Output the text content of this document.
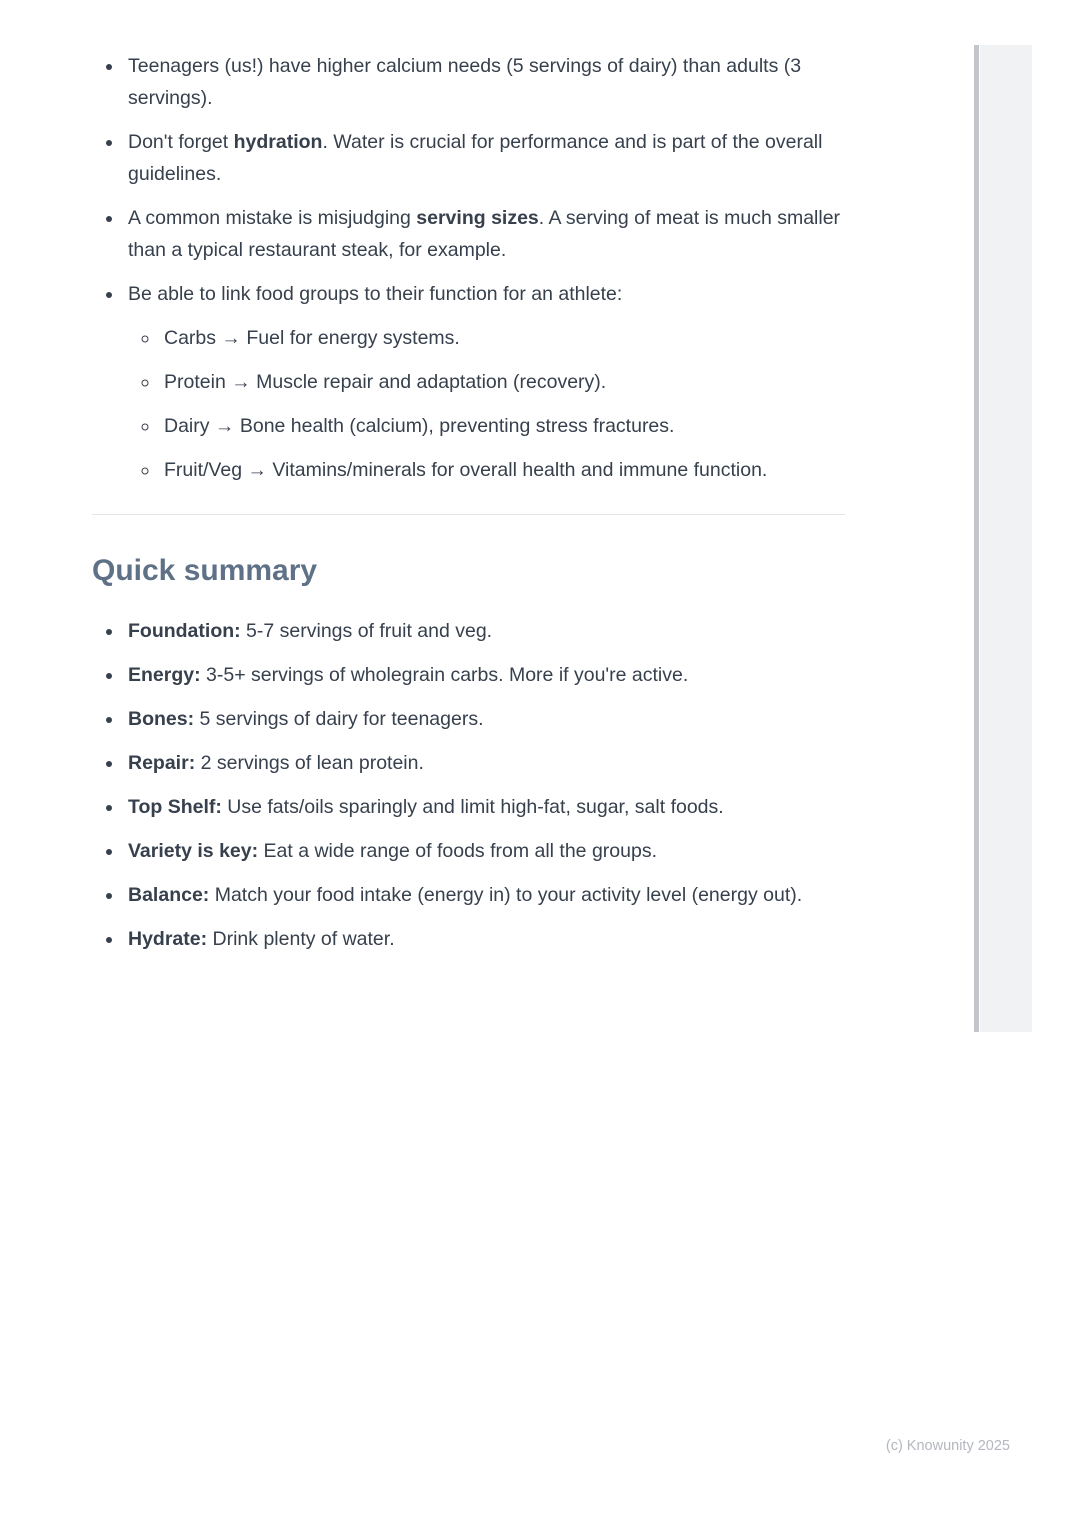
• Teenagers (us!) have higher calcium needs (5 servings of dairy) than adults (3 servings).
• Don't forget hydration. Water is crucial for performance and is part of the overall guidelines.
• A common mistake is misjudging serving sizes. A serving of meat is much smaller than a typical restaurant steak, for example.
• Be able to link food groups to their function for an athlete:
◦ Carbs → Fuel for energy systems.
◦ Protein → Muscle repair and adaptation (recovery).
◦ Dairy → Bone health (calcium), preventing stress fractures.
◦ Fruit/Veg → Vitamins/minerals for overall health and immune function.
Quick summary
• Foundation: 5-7 servings of fruit and veg.
• Energy: 3-5+ servings of wholegrain carbs. More if you're active.
• Bones: 5 servings of dairy for teenagers.
• Repair: 2 servings of lean protein.
• Top Shelf: Use fats/oils sparingly and limit high-fat, sugar, salt foods.
• Variety is key: Eat a wide range of foods from all the groups.
• Balance: Match your food intake (energy in) to your activity level (energy out).
• Hydrate: Drink plenty of water.
(c) Knowunity 2025
